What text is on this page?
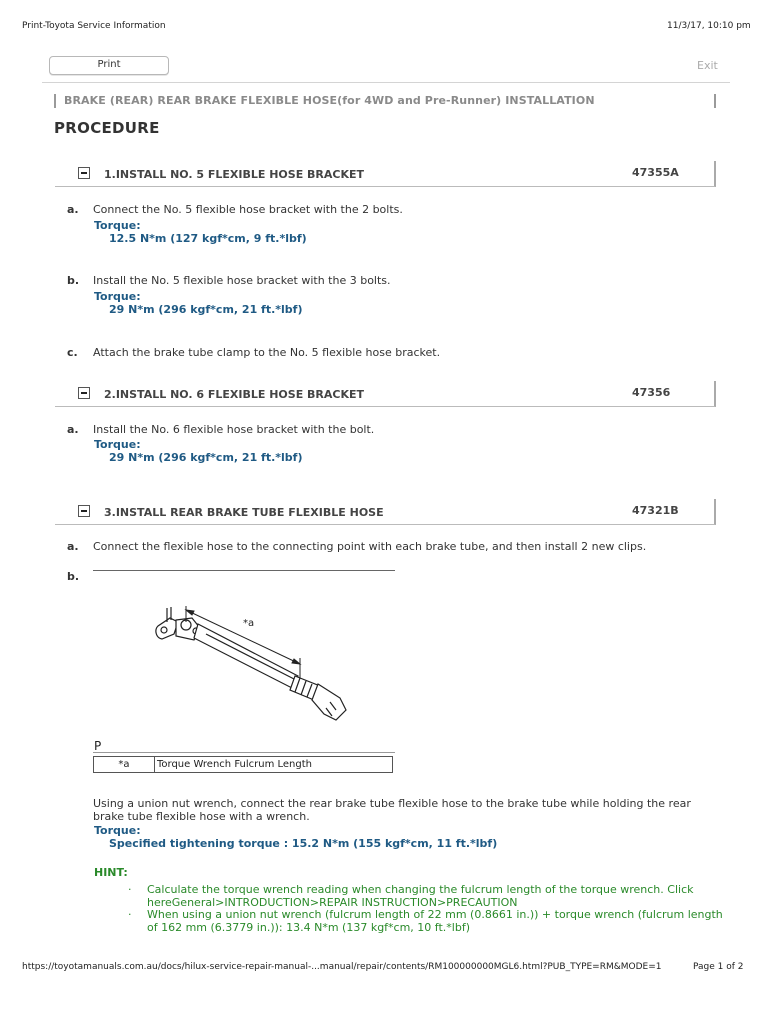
Print-Toyota Service Information	11/3/17, 10:10 pm
Print	Exit
BRAKE (REAR) REAR BRAKE FLEXIBLE HOSE(for 4WD and Pre-Runner) INSTALLATION
PROCEDURE
1.INSTALL NO. 5 FLEXIBLE HOSE BRACKET	47355A
a. Connect the No. 5 flexible hose bracket with the 2 bolts.
Torque:
12.5 N*m (127 kgf*cm, 9 ft.*lbf)
b. Install the No. 5 flexible hose bracket with the 3 bolts.
Torque:
29 N*m (296 kgf*cm, 21 ft.*lbf)
c. Attach the brake tube clamp to the No. 5 flexible hose bracket.
2.INSTALL NO. 6 FLEXIBLE HOSE BRACKET	47356
a. Install the No. 6 flexible hose bracket with the bolt.
Torque:
29 N*m (296 kgf*cm, 21 ft.*lbf)
3.INSTALL REAR BRAKE TUBE FLEXIBLE HOSE	47321B
a. Connect the flexible hose to the connecting point with each brake tube, and then install 2 new clips.
b.
*a
P
*a	Torque Wrench Fulcrum Length
Using a union nut wrench, connect the rear brake tube flexible hose to the brake tube while holding the rear brake tube flexible hose with a wrench.
Torque:
Specified tightening torque : 15.2 N*m (155 kgf*cm, 11 ft.*lbf)
HINT:
· Calculate the torque wrench reading when changing the fulcrum length of the torque wrench. Click hereGeneral>INTRODUCTION>REPAIR INSTRUCTION>PRECAUTION
· When using a union nut wrench (fulcrum length of 22 mm (0.8661 in.)) + torque wrench (fulcrum length of 162 mm (6.3779 in.)): 13.4 N*m (137 kgf*cm, 10 ft.*lbf)
https://toyotamanuals.com.au/docs/hilux-service-repair-manual-...manual/repair/contents/RM100000000MGL6.html?PUB_TYPE=RM&MODE=1	Page 1 of 2
